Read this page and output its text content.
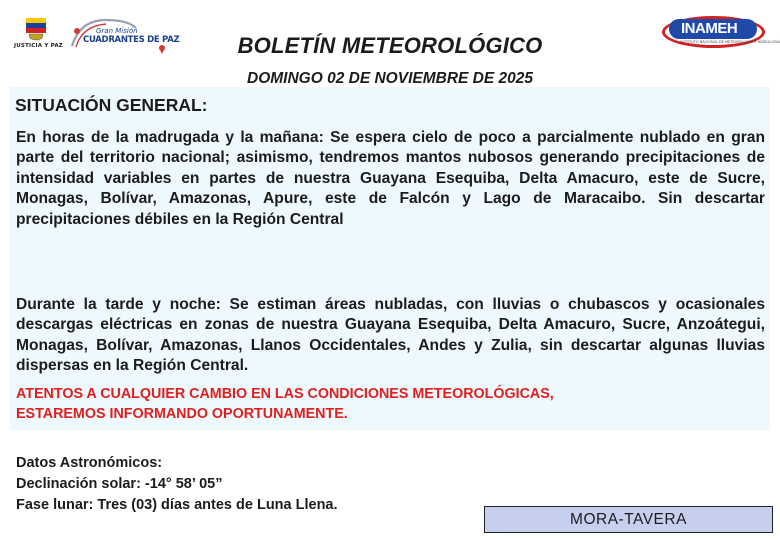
JUSTICIA Y PAZ
Gran Misión
CUADRANTES DE PAZ
INAMEH
INSTITUTO NACIONAL DE METEOROLOGÍA E HIDROLOGÍA
BOLETÍN METEOROLÓGICO
DOMINGO 02 DE NOVIEMBRE DE 2025
SITUACIÓN GENERAL:
En horas de la madrugada y la mañana: Se espera cielo de poco a parcialmente nublado en gran parte del territorio nacional; asimismo, tendremos mantos nubosos generando precipitaciones de intensidad variables en partes de nuestra Guayana Esequiba, Delta Amacuro, este de Sucre, Monagas, Bolívar, Amazonas, Apure, este de Falcón y Lago de Maracaibo. Sin descartar precipitaciones débiles en la Región Central
Durante la tarde y noche: Se estiman áreas nubladas, con lluvias o chubascos y ocasionales descargas eléctricas en zonas de nuestra Guayana Esequiba, Delta Amacuro, Sucre, Anzoátegui, Monagas, Bolívar, Amazonas, Llanos Occidentales, Andes y Zulia, sin descartar algunas lluvias dispersas en la Región Central.
ATENTOS A CUALQUIER CAMBIO EN LAS CONDICIONES METEOROLÓGICAS,
ESTAREMOS INFORMANDO OPORTUNAMENTE.
Datos Astronómicos:
Declinación solar: -14° 58’ 05”
Fase lunar: Tres (03) días antes de Luna Llena.
MORA-TAVERA
